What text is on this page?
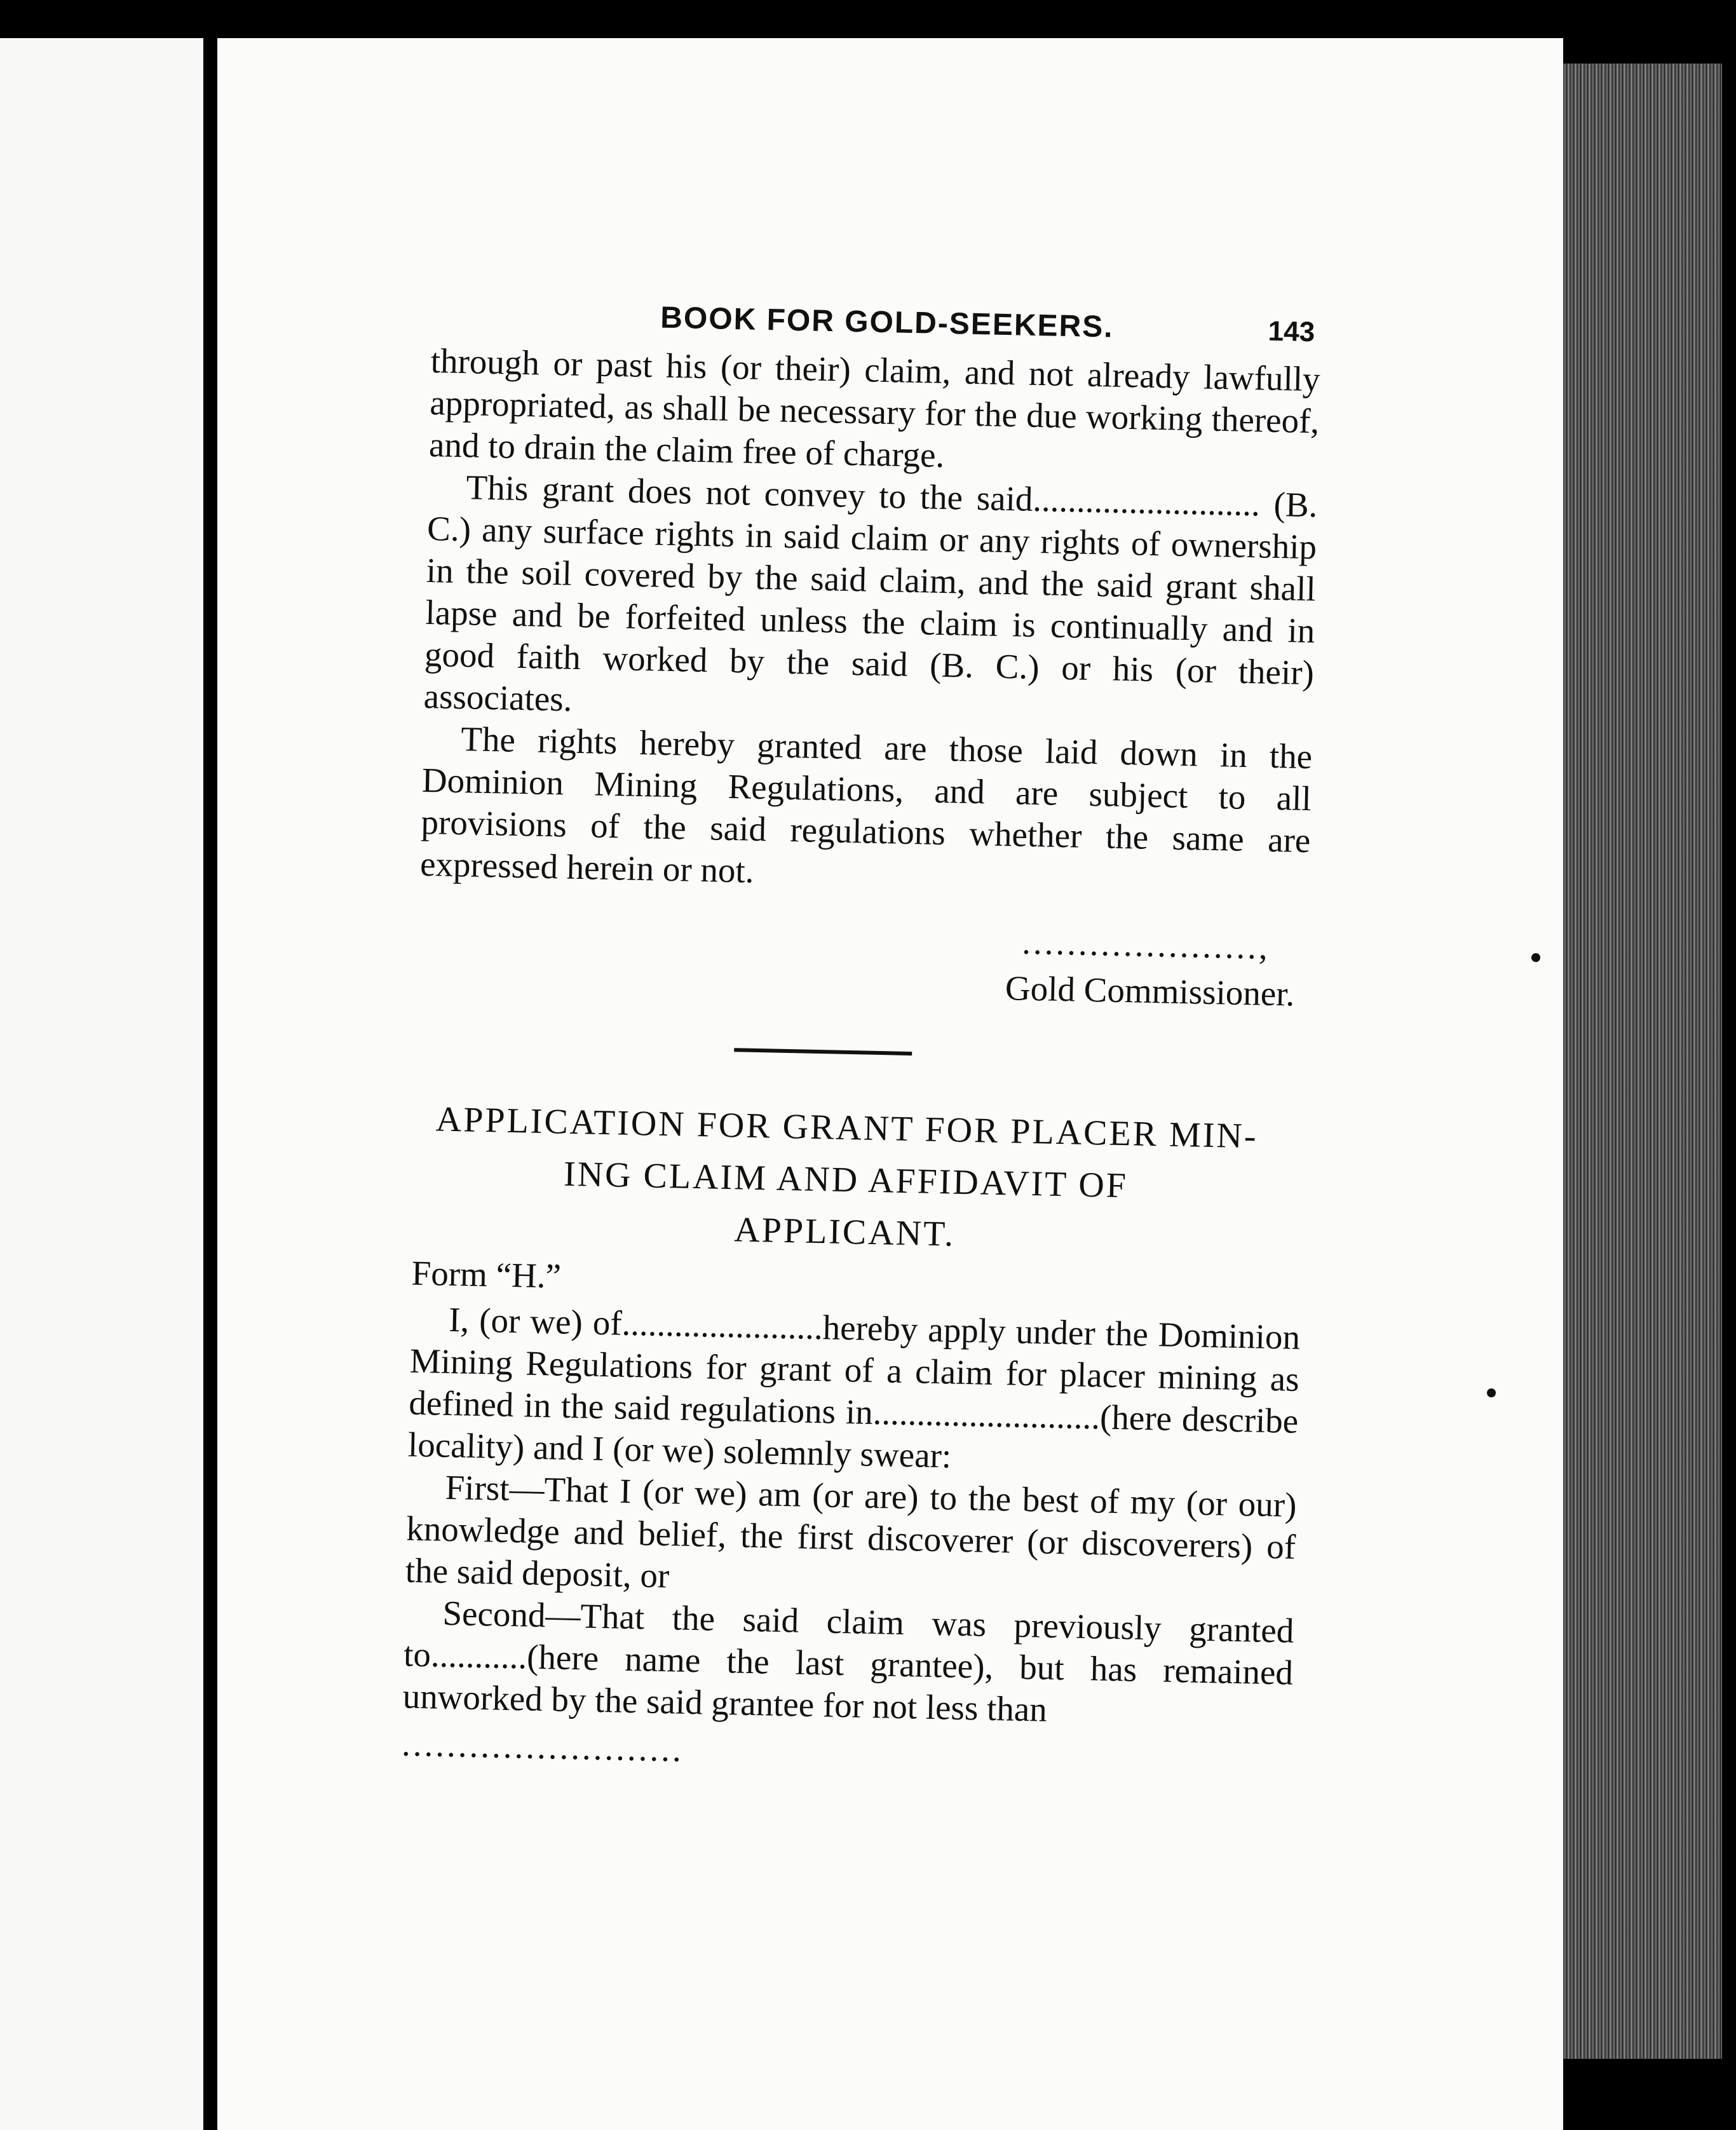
BOOK FOR GOLD-SEEKERS.	143

through or past his (or their) claim, and not already lawfully appropriated, as shall be necessary for the due working thereof, and to drain the claim free of charge.

This grant does not convey to the said.......................... (B. C.) any surface rights in said claim or any rights of ownership in the soil covered by the said claim, and the said grant shall lapse and be forfeited unless the claim is continually and in good faith worked by the said (B. C.) or his (or their) associates.

The rights hereby granted are those laid down in the Dominion Mining Regulations, and are subject to all provisions of the said regulations whether the same are expressed herein or not.

.....................,
Gold Commissioner.
APPLICATION FOR GRANT FOR PLACER MIN-
ING CLAIM AND AFFIDAVIT OF
APPLICANT.

Form “H.”

I, (or we) of.......................hereby apply under the Dominion Mining Regulations for grant of a claim for placer mining as defined in the said regulations in..........................(here describe locality) and I (or we) solemnly swear:

First—That I (or we) am (or are) to the best of my (or our) knowledge and belief, the first discoverer (or discoverers) of the said deposit, or

Second—That the said claim was previously granted to...........(here name the last grantee), but has remained unworked by the said grantee for not less than

.........................
